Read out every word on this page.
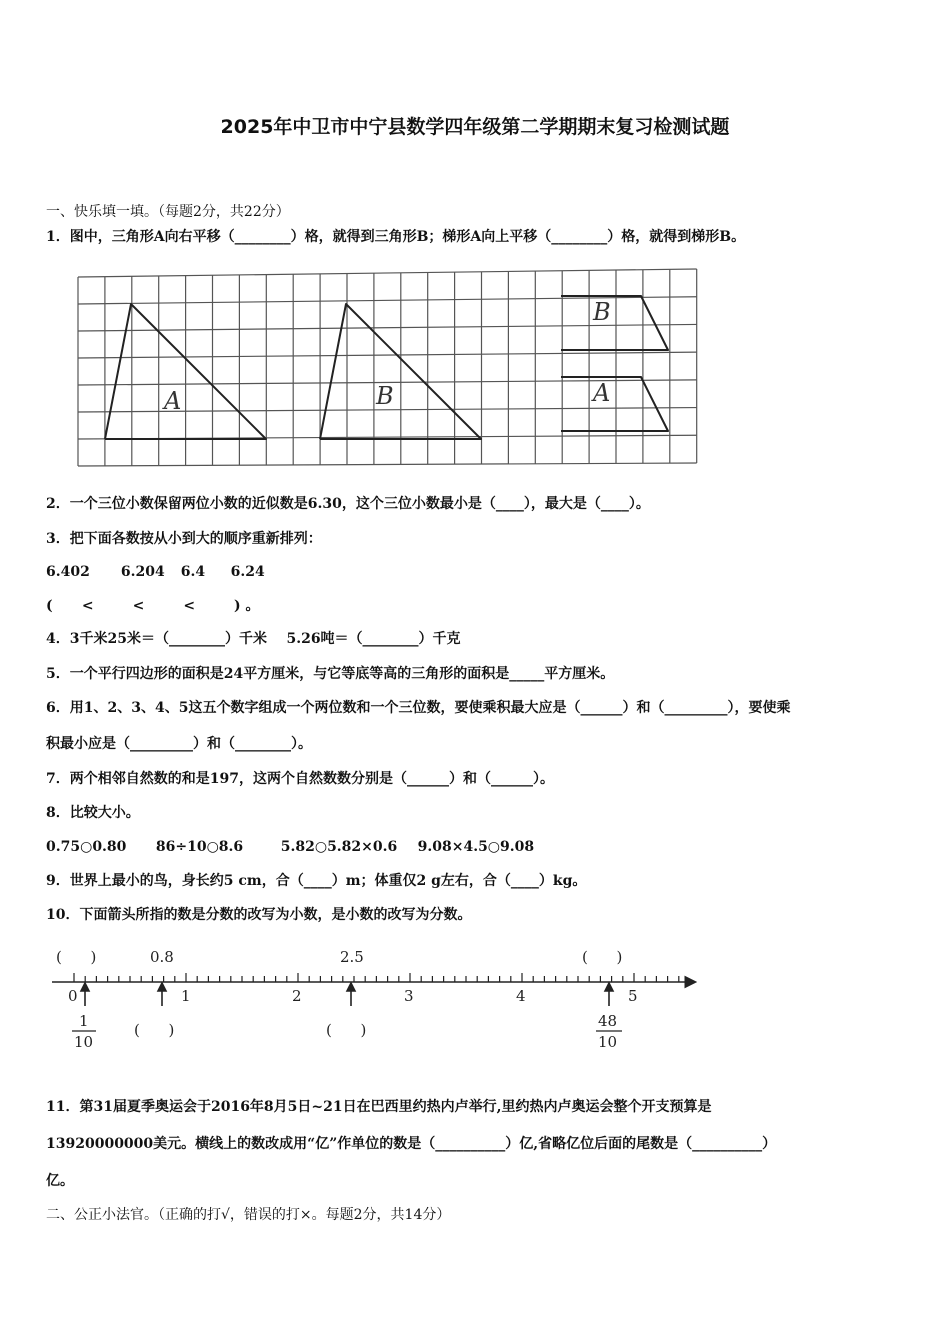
2025年中卫市中宁县数学四年级第二学期期末复习检测试题
一、快乐填一填。（每题2分，共22分）
1．图中，三角形A向右平移（________）格，就得到三角形B；梯形A向上平移（________）格，就得到梯形B。
A	B
B
A
2．一个三位小数保留两位小数的近似数是6.30，这个三位小数最小是（____），最大是（____）。
3．把下面各数按从小到大的顺序重新排列：
6.402 6.204 6.4 6.24
(      <        <        <        ) 。
4．3千米25米＝（________）千米    5.26吨＝（________）千克
5．一个平行四边形的面积是24平方厘米，与它等底等高的三角形的面积是_____平方厘米。
6．用1、2、3、4、5这五个数字组成一个两位数和一个三位数，要使乘积最大应是（______）和（_________），要使乘
积最小应是（_________）和（________）。
7．两个相邻自然数的和是197，这两个自然数数分别是（______）和（______）。
8．比较大小。
0.75○0.80 86÷10○8.6	5.82○5.82×0.6 9.08×4.5○9.08
9．世界上最小的鸟，身长约5 cm，合（____）m；体重仅2 g左右，合（____）kg。
10．下面箭头所指的数是分数的改写为小数，是小数的改写为分数。
(      )	0.8	2.5	(      )
0	1	2	3	4	5
1
10
(      )	(      )	48
10
11．第31届夏季奥运会于2016年8月5日~21日在巴西里约热内卢举行,里约热内卢奥运会整个开支预算是
13920000000美元。横线上的数改成用“亿”作单位的数是（__________）亿,省略亿位后面的尾数是（__________）
亿。
二、公正小法官。（正确的打√，错误的打×。每题2分，共14分）
